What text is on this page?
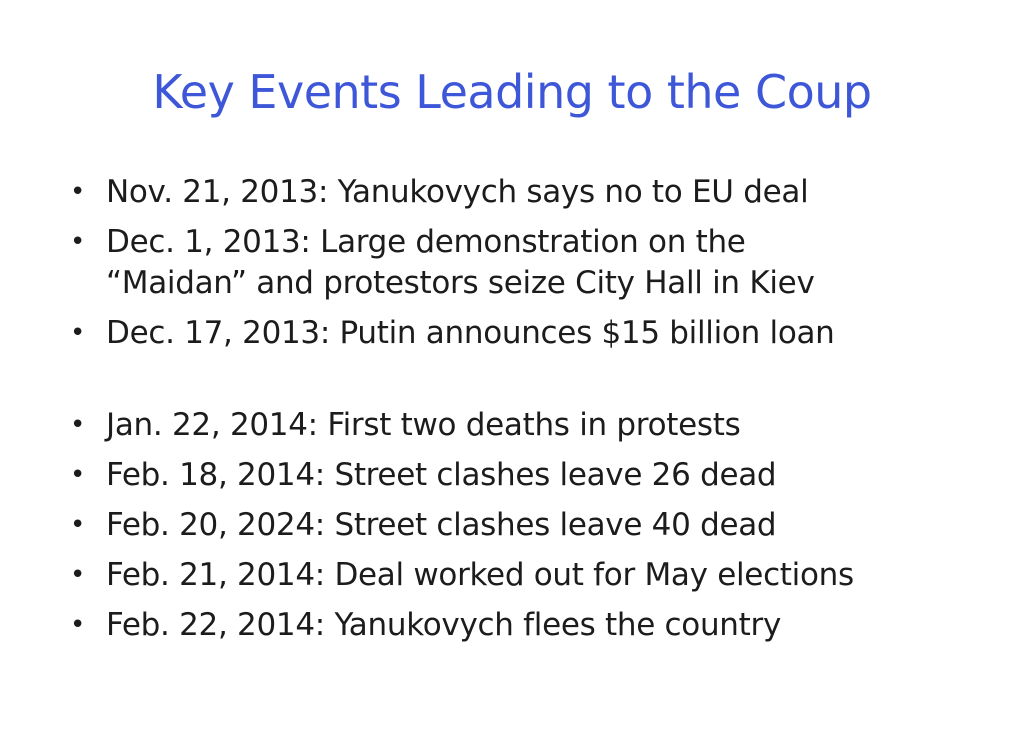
Key Events Leading to the Coup
• Nov. 21, 2013: Yanukovych says no to EU deal
• Dec. 1, 2013: Large demonstration on the
“Maidan” and protestors seize City Hall in Kiev
• Dec. 17, 2013: Putin announces $15 billion loan
• Jan. 22, 2014: First two deaths in protests
• Feb. 18, 2014: Street clashes leave 26 dead
• Feb. 20, 2024: Street clashes leave 40 dead
• Feb. 21, 2014: Deal worked out for May elections
• Feb. 22, 2014: Yanukovych flees the country
